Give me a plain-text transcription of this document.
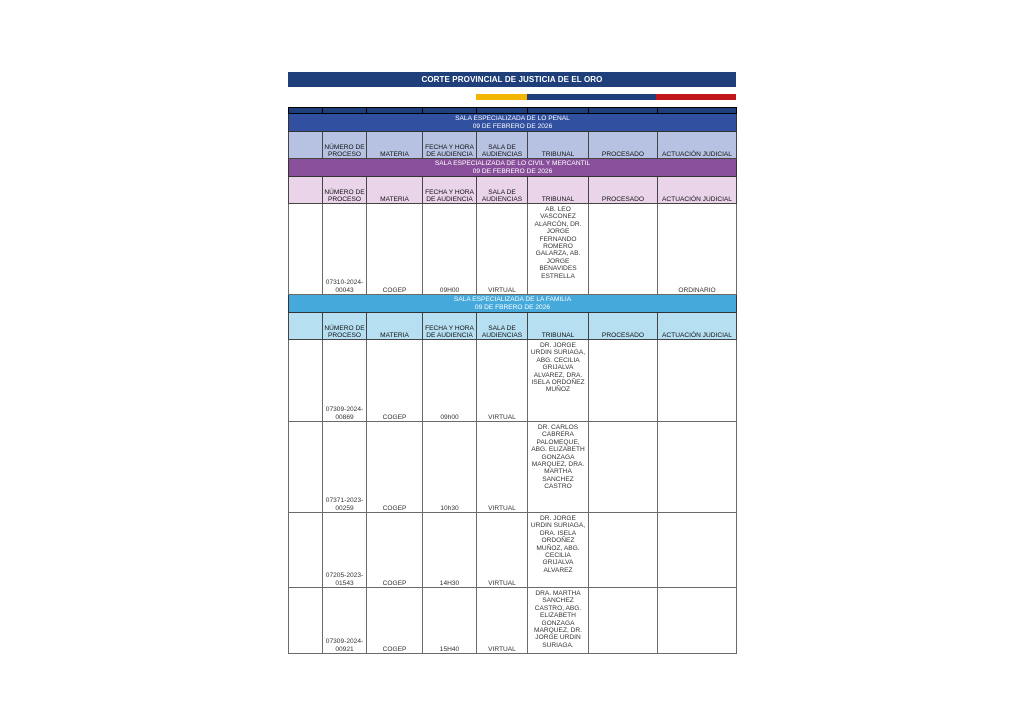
CORTE PROVINCIAL DE JUSTICIA DE EL ORO

SALA ESPECIALIZADA DE LO PENAL
09 DE FEBRERO DE 2026							

	NÚMERO DE PROCESO	MATERIA	FECHA Y HORA DE AUDIENCIA	SALA DE AUDIENCIAS	TRIBUNAL	PROCESADO	ACTUACIÓN JUDICIAL

SALA ESPECIALIZADA DE LO CIVIL Y MERCANTIL
09 DE FEBRERO DE 2026							

	NÚMERO DE PROCESO	MATERIA	FECHA Y HORA DE AUDIENCIA	SALA DE AUDIENCIAS	TRIBUNAL	PROCESADO	ACTUACIÓN JUDICIAL
	07310-2024-00043	COGEP	09H00	VIRTUAL	AB. LEO VASCONEZ ALARCÓN, DR. JORGE FERNANDO ROMERO GALARZA, AB. JORGE BENAVIDES ESTRELLA		ORDINARIO

SALA ESPECIALIZADA DE LA FAMILIA
09 DE FBRERO DE 2026							

	NÚMERO DE PROCESO	MATERIA	FECHA Y HORA DE AUDIENCIA	SALA DE AUDIENCIAS	TRIBUNAL	PROCESADO	ACTUACIÓN JUDICIAL
	07309-2024-00869	COGEP	09h00	VIRTUAL	DR. JORGE URDIN SURIAGA, ABG. CECILIA GRIJALVA ALVAREZ, DRA. ISELA ORDOÑEZ MUÑOZ		
	07371-2023-00259	COGEP	10h30	VIRTUAL	DR. CARLOS CABRERA PALOMEQUE, ABG. ELIZABETH GONZAGA MARQUEZ, DRA. MARTHA SANCHEZ CASTRO		
	07205-2023-01543	COGEP	14H30	VIRTUAL	DR. JORGE URDIN SURIAGA, DRA. ISELA ORDOÑEZ MUÑOZ, ABG. CECILIA GRIJALVA ALVAREZ		
	07309-2024-00921	COGEP	15H40	VIRTUAL	DRA. MARTHA SANCHEZ CASTRO, ABG. ELIZABETH GONZAGA MARQUEZ, DR. JORGE URDIN SURIAGA.		
